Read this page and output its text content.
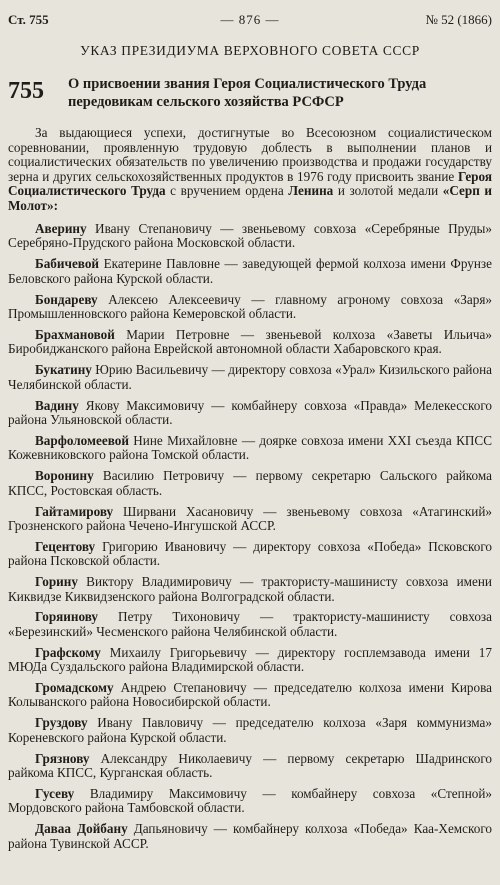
Ст. 755	— 876 —	№ 52 (1866)
УКАЗ ПРЕЗИДИУМА ВЕРХОВНОГО СОВЕТА СССР
755 О присвоении звания Героя Социалистического Труда передовикам сельского хозяйства РСФСР

За выдающиеся успехи, достигнутые во Всесоюзном социалистическом соревновании, проявленную трудовую доблесть в выполнении планов и социалистических обязательств по увеличению производства и продажи государству зерна и других сельскохозяйственных продуктов в 1976 году присвоить звание Героя Социалистического Труда с вручением ордена Ленина и золотой медали «Серп и Молот»:

Аверину Ивану Степановичу — звеньевому совхоза «Серебряные Пруды» Серебряно-Прудского района Московской области.

Бабичевой Екатерине Павловне — заведующей фермой колхоза имени Фрунзе Беловского района Курской области.

Бондареву Алексею Алексеевичу — главному агроному совхоза «Заря» Промышленновского района Кемеровской области.

Брахмановой Марии Петровне — звеньевой колхоза «Заветы Ильича» Биробиджанского района Еврейской автономной области Хабаровского края.

Букатину Юрию Васильевичу — директору совхоза «Урал» Кизильского района Челябинской области.

Вадину Якову Максимовичу — комбайнеру совхоза «Правда» Мелекесского района Ульяновской области.

Варфоломеевой Нине Михайловне — доярке совхоза имени XXI съезда КПСС Кожевниковского района Томской области.

Воронину Василию Петровичу — первому секретарю Сальского райкома КПСС, Ростовская область.

Гайтамирову Ширвани Хасановичу — звеньевому совхоза «Атагинский» Грозненского района Чечено-Ингушской АССР.

Гецентову Григорию Ивановичу — директору совхоза «Победа» Псковского района Псковской области.

Горину Виктору Владимировичу — трактористу-машинисту совхоза имени Киквидзе Киквидзенского района Волгоградской области.

Горяинову Петру Тихоновичу — трактористу-машинисту совхоза «Березинский» Чесменского района Челябинской области.

Графскому Михаилу Григорьевичу — директору госплемзавода имени 17 МЮДа Суздальского района Владимирской области.

Громадскому Андрею Степановичу — председателю колхоза имени Кирова Колыванского района Новосибирской области.

Груздову Ивану Павловичу — председателю колхоза «Заря коммунизма» Кореневского района Курской области.

Грязнову Александру Николаевичу — первому секретарю Шадринского райкома КПСС, Курганская область.

Гусеву Владимиру Максимовичу — комбайнеру совхоза «Степной» Мордовского района Тамбовской области.

Даваа Дойбану Дапьяновичу — комбайнеру колхоза «Победа» Каа-Хемского района Тувинской АССР.
